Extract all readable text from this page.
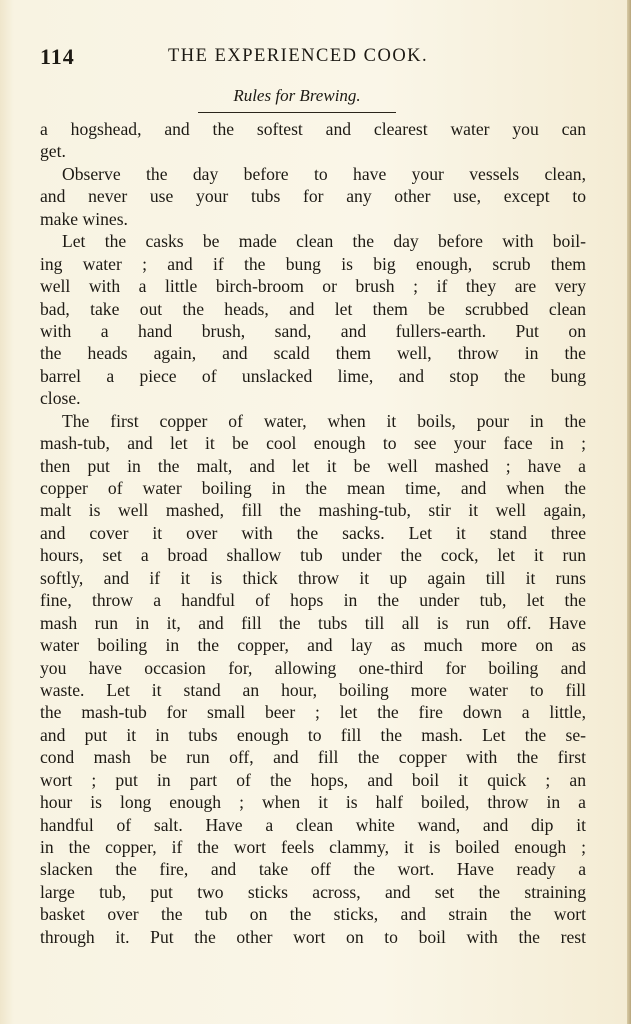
114	THE EXPERIENCED COOK.
Rules for Brewing.
a hogshead, and the softest and clearest water you can
get.
Observe the day before to have your vessels clean,
and never use your tubs for any other use, except to
make wines.
Let the casks be made clean the day before with boil-
ing water ; and if the bung is big enough, scrub them
well with a little birch-broom or brush ; if they are very
bad, take out the heads, and let them be scrubbed clean
with a hand brush, sand, and fullers-earth. Put on
the heads again, and scald them well, throw in the
barrel a piece of unslacked lime, and stop the bung
close.
The first copper of water, when it boils, pour in the
mash-tub, and let it be cool enough to see your face in ;
then put in the malt, and let it be well mashed ; have a
copper of water boiling in the mean time, and when the
malt is well mashed, fill the mashing-tub, stir it well again,
and cover it over with the sacks. Let it stand three
hours, set a broad shallow tub under the cock, let it run
softly, and if it is thick throw it up again till it runs
fine, throw a handful of hops in the under tub, let the
mash run in it, and fill the tubs till all is run off. Have
water boiling in the copper, and lay as much more on as
you have occasion for, allowing one-third for boiling and
waste. Let it stand an hour, boiling more water to fill
the mash-tub for small beer ; let the fire down a little,
and put it in tubs enough to fill the mash. Let the se-
cond mash be run off, and fill the copper with the first
wort ; put in part of the hops, and boil it quick ; an
hour is long enough ; when it is half boiled, throw in a
handful of salt. Have a clean white wand, and dip it
in the copper, if the wort feels clammy, it is boiled enough ;
slacken the fire, and take off the wort. Have ready a
large tub, put two sticks across, and set the straining
basket over the tub on the sticks, and strain the wort
through it. Put the other wort on to boil with the rest
